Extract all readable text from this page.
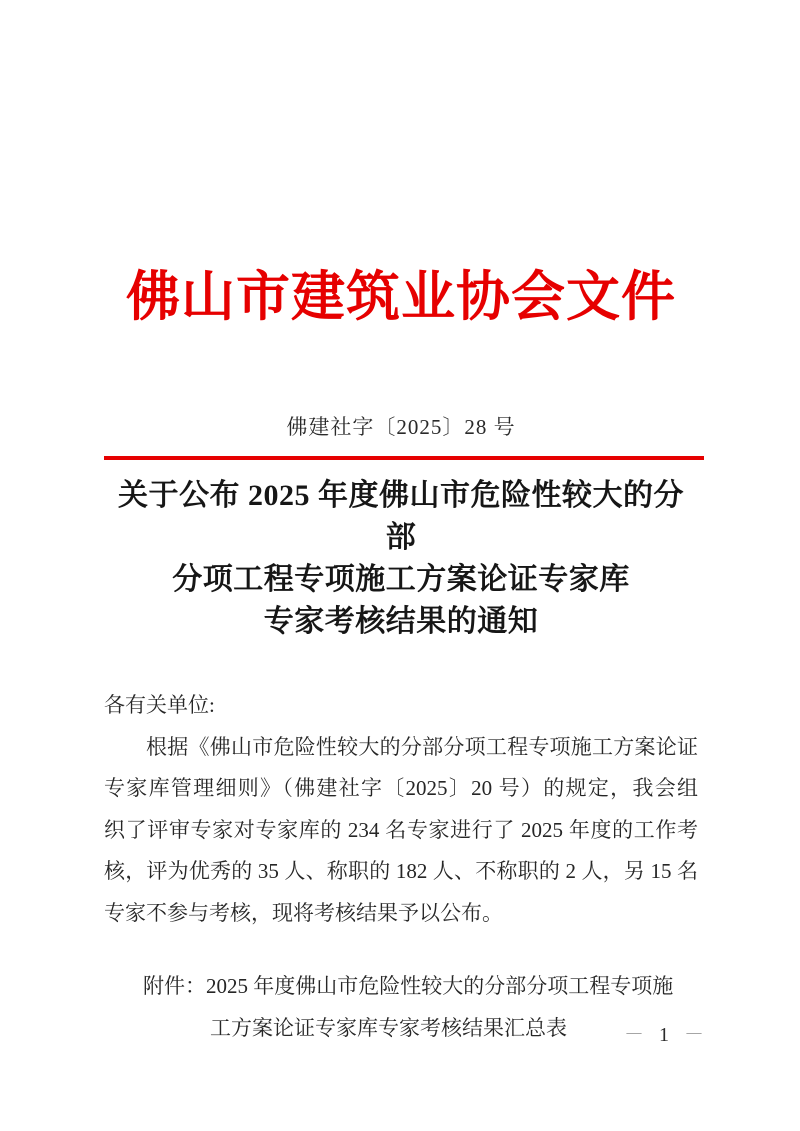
佛山市建筑业协会文件
佛建社字〔2025〕28 号
关于公布 2025 年度佛山市危险性较大的分部
分项工程专项施工方案论证专家库
专家考核结果的通知
各有关单位:
根据《佛山市危险性较大的分部分项工程专项施工方案论证
专家库管理细则》（佛建社字〔2025〕20 号）的规定，我会组
织了评审专家对专家库的 234 名专家进行了 2025 年度的工作考
核，评为优秀的 35 人、称职的 182 人、不称职的 2 人，另 15 名
专家不参与考核，现将考核结果予以公布。
附件：2025 年度佛山市危险性较大的分部分项工程专项施
工方案论证专家库专家考核结果汇总表	－ 1 －
